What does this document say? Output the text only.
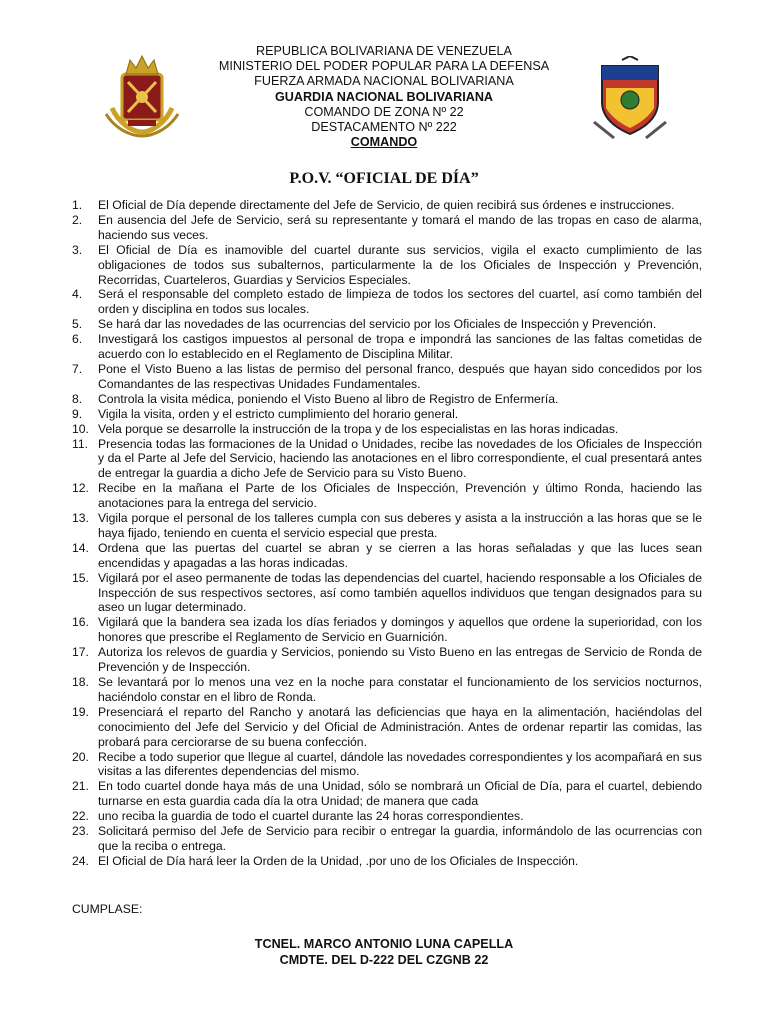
REPUBLICA BOLIVARIANA DE VENEZUELA
MINISTERIO DEL PODER POPULAR PARA LA DEFENSA
FUERZA ARMADA NACIONAL BOLIVARIANA
GUARDIA NACIONAL BOLIVARIANA
COMANDO DE ZONA Nº 22
DESTACAMENTO Nº 222
COMANDO
P.O.V. “OFICIAL DE DÍA”
1.	El Oficial de Día depende directamente del Jefe de Servicio, de quien recibirá sus órdenes e instrucciones.
2.	En ausencia del Jefe de Servicio, será su representante y tomará el mando de las tropas en caso de alarma, haciendo sus veces.
3.	El Oficial de Día es inamovible del cuartel durante sus servicios, vigila el exacto cumplimiento de las obligaciones de todos sus subalternos, particularmente la de los Oficiales de Inspección y Prevención, Recorridas, Cuarteleros, Guardias y Servicios Especiales.
4.	Será el responsable del completo estado de limpieza de todos los sectores del cuartel, así como también del orden y disciplina en todos sus locales.
5.	Se hará dar las novedades de las ocurrencias del servicio por los Oficiales de Inspección y Prevención.
6.	Investigará los castigos impuestos al personal de tropa e impondrá las sanciones de las faltas cometidas de acuerdo con lo establecido en el Reglamento de Disciplina Militar.
7.	Pone el Visto Bueno a las listas de permiso del personal franco, después que hayan sido concedidos por los Comandantes de las respectivas Unidades Fundamentales.
8.	Controla la visita médica, poniendo el Visto Bueno al libro de Registro de Enfermería.
9.	Vigila la visita, orden y el estricto cumplimiento del horario general.
10. Vela porque se desarrolle la instrucción de la tropa y de los especialistas en las horas indicadas.
11. Presencia todas las formaciones de la Unidad o Unidades, recibe las novedades de los Oficiales de Inspección y da el Parte al Jefe del Servicio, haciendo las anotaciones en el libro correspondiente, el cual presentará antes de entregar la guardia a dicho Jefe de Servicio para su Visto Bueno.
12. Recibe en la mañana el Parte de los Oficiales de Inspección, Prevención y último Ronda, haciendo las anotaciones para la entrega del servicio.
13. Vigila porque el personal de los talleres cumpla con sus deberes y asista a la instrucción a las horas que se le haya fijado, teniendo en cuenta el servicio especial que presta.
14. Ordena que las puertas del cuartel se abran y se cierren a las horas señaladas y que las luces sean encendidas y apagadas a las horas indicadas.
15. Vigilará por el aseo permanente de todas las dependencias del cuartel, haciendo responsable a los Oficiales de Inspección de sus respectivos sectores, así como también aquellos individuos que tengan designados para su aseo un lugar determinado.
16. Vigilará que la bandera sea izada los días feriados y domingos y aquellos que ordene la superioridad, con los honores que prescribe el Reglamento de Servicio en Guarnición.
17. Autoriza los relevos de guardia y Servicios, poniendo su Visto Bueno en las entregas de Servicio de Ronda de Prevención y de Inspección.
18. Se levantará por lo menos una vez en la noche para constatar el funcionamiento de los servicios nocturnos, haciéndolo constar en el libro de Ronda.
19. Presenciará el reparto del Rancho y anotará las deficiencias que haya en la alimentación, haciéndolas del conocimiento del Jefe del Servicio y del Oficial de Administración. Antes de ordenar repartir las comidas, las probará para cerciorarse de su buena confección.
20. Recibe a todo superior que llegue al cuartel, dándole las novedades correspondientes y los acompañará en sus visitas a las diferentes dependencias del mismo.
21. En todo cuartel donde haya más de una Unidad, sólo se nombrará un Oficial de Día, para el cuartel, debiendo turnarse en esta guardia cada día la otra Unidad; de manera que cada
22. uno reciba la guardia de todo el cuartel durante las 24 horas correspondientes.
23. Solicitará permiso del Jefe de Servicio para recibir o entregar la guardia, informándolo de las ocurrencias con que la reciba o entrega.
24. El Oficial de Día hará leer la Orden de la Unidad, .por uno de los Oficiales de Inspección.
CUMPLASE:
TCNEL. MARCO ANTONIO LUNA CAPELLA
CMDTE. DEL D-222 DEL CZGNB 22
